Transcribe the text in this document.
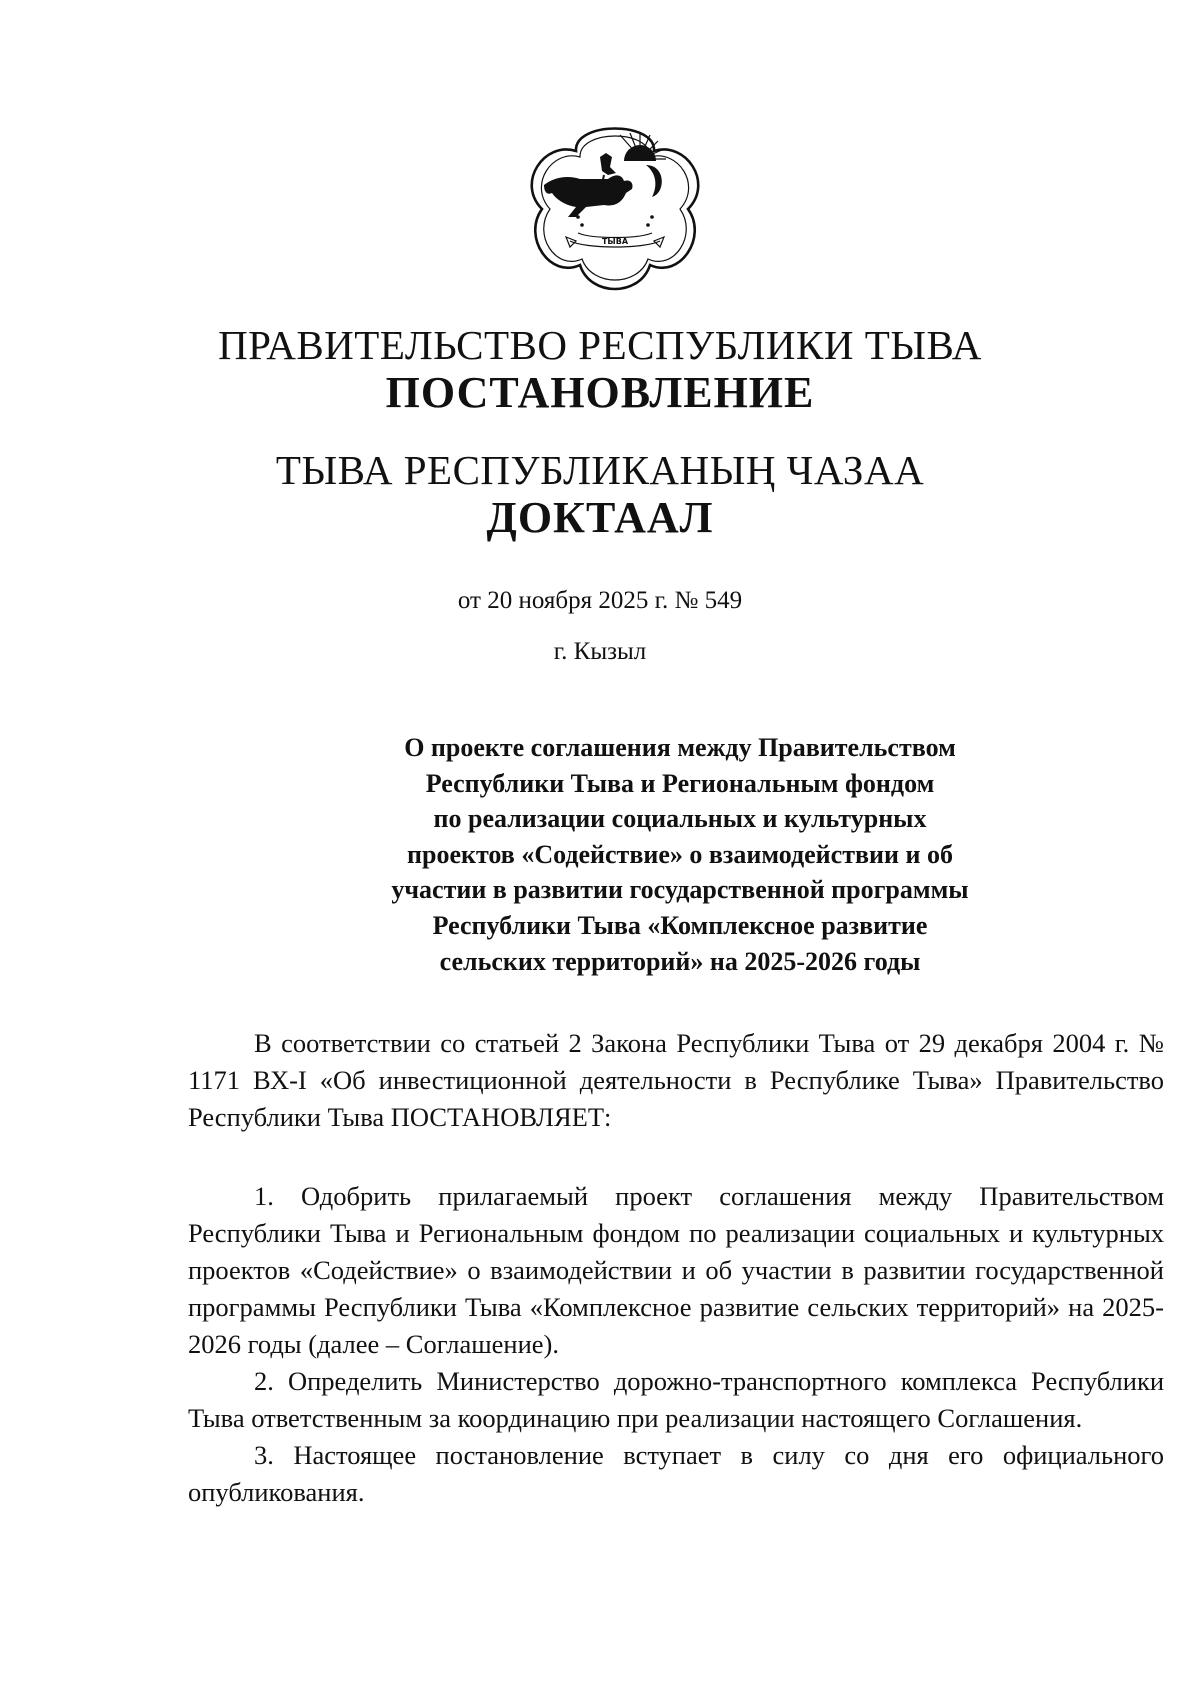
ТЫВА
ПРАВИТЕЛЬСТВО РЕСПУБЛИКИ ТЫВА
ПОСТАНОВЛЕНИЕ
ТЫВА РЕСПУБЛИКАНЫҢ ЧАЗАА
ДОКТААЛ
от 20 ноября 2025 г. № 549
г. Кызыл
О проекте соглашения между Правительством
Республики Тыва и Региональным фондом
по реализации социальных и культурных
проектов «Содействие» о взаимодействии и об
участии в развитии государственной программы
Республики Тыва «Комплексное развитие
сельских территорий» на 2025-2026 годы

В соответствии со статьей 2 Закона Республики Тыва от 29 декабря 2004 г. № 1171 ВХ-I «Об инвестиционной деятельности в Республике Тыва» Правительство Республики Тыва ПОСТАНОВЛЯЕТ:

1. Одобрить прилагаемый проект соглашения между Правительством Республики Тыва и Региональным фондом по реализации социальных и культурных проектов «Содействие» о взаимодействии и об участии в развитии государственной программы Республики Тыва «Комплексное развитие сельских территорий» на 2025-2026 годы (далее – Соглашение).

2. Определить Министерство дорожно-транспортного комплекса Республики Тыва ответственным за координацию при реализации настоящего Соглашения.

3. Настоящее постановление вступает в силу со дня его официального опубликования.
